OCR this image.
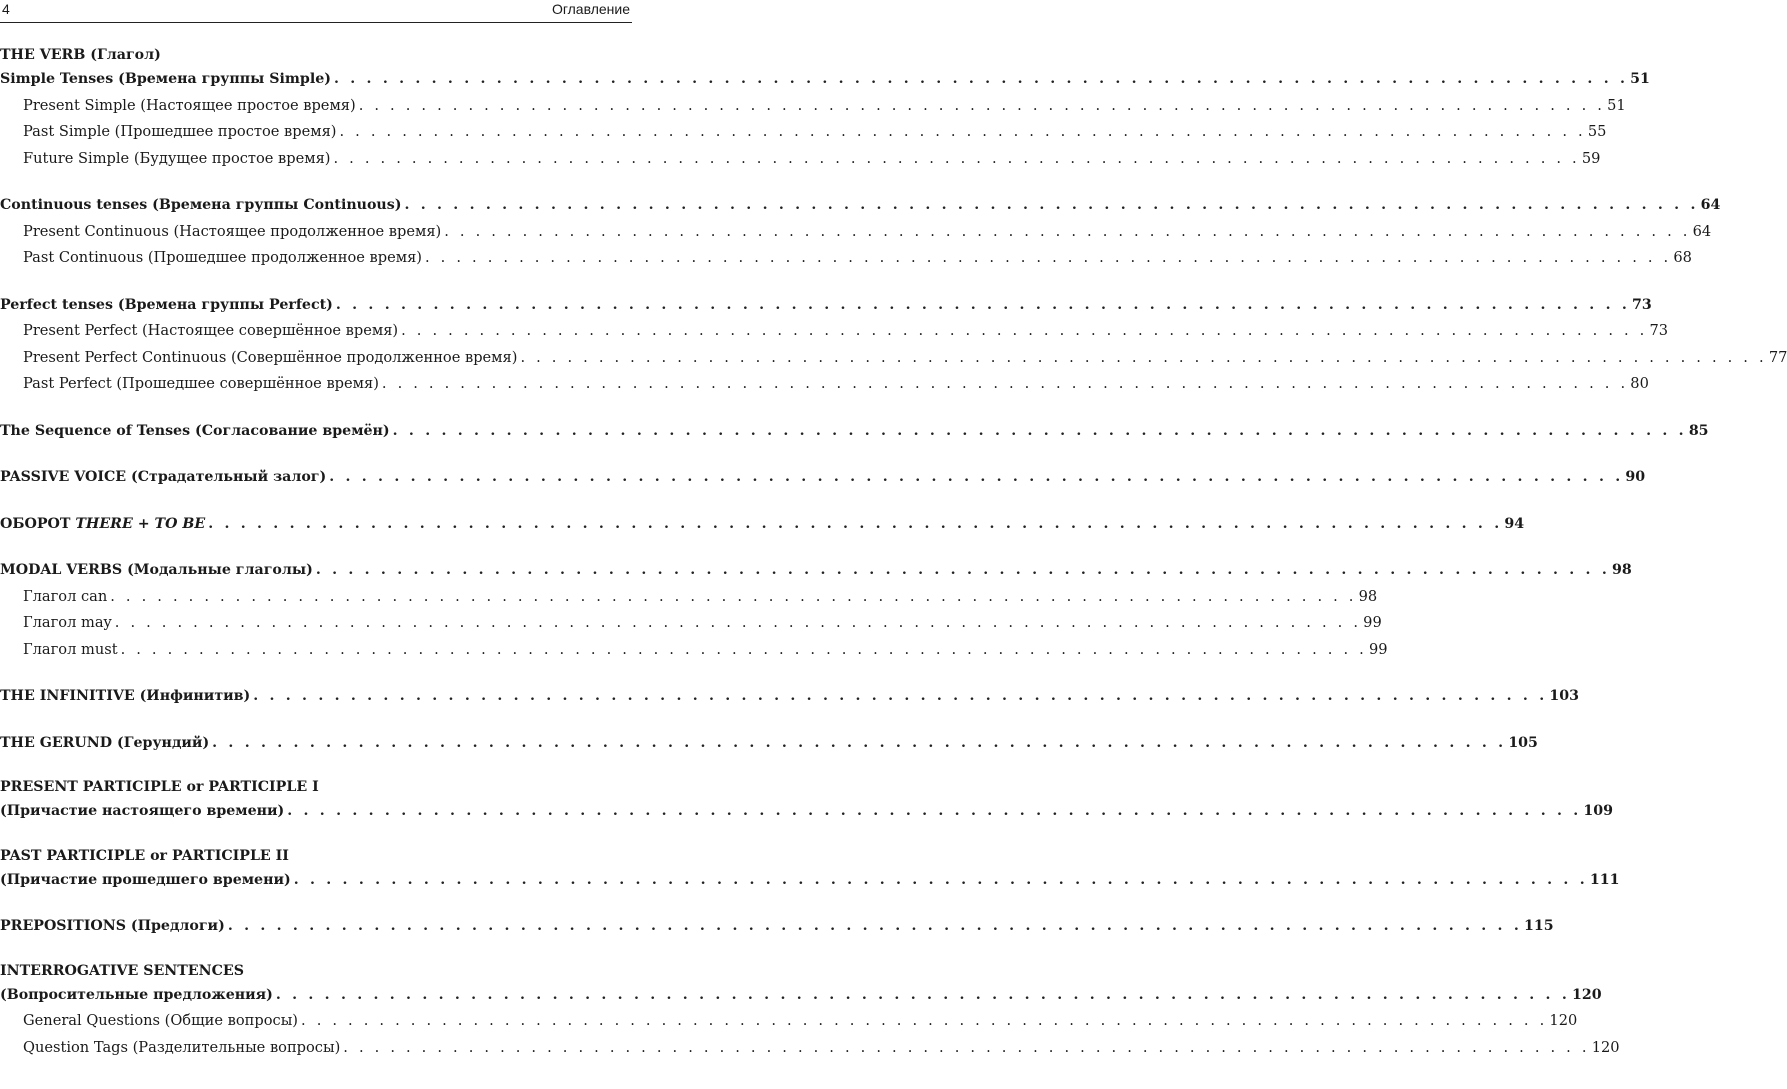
4	Оглавление
THE VERB (Глагол)
Simple Tenses (Времена группы Simple) . . . . . . . . . . . . . . . . . . . . . . . . . . . . . . . . . . . . . . . . . . . . . . . . . . . . . . . . . . . . . . . . . . . . . . . . . . . . . . . . 51
Present Simple (Настоящее простое время) . . . . . . . . . . . . . . . . . . . . . . . . . . . . . . . . . . . . . . . . . . . . . . . . . . . . . . . . . . . . . . . . . . . . . . . . . . . . . . . . 51
Past Simple (Прошедшее простое время) . . . . . . . . . . . . . . . . . . . . . . . . . . . . . . . . . . . . . . . . . . . . . . . . . . . . . . . . . . . . . . . . . . . . . . . . . . . . . . . . 55
Future Simple (Будущее простое время) . . . . . . . . . . . . . . . . . . . . . . . . . . . . . . . . . . . . . . . . . . . . . . . . . . . . . . . . . . . . . . . . . . . . . . . . . . . . . . . . 59
Continuous tenses (Времена группы Continuous) . . . . . . . . . . . . . . . . . . . . . . . . . . . . . . . . . . . . . . . . . . . . . . . . . . . . . . . . . . . . . . . . . . . . . . . . . . . . . . . . 64
Present Continuous (Настоящее продолженное время) . . . . . . . . . . . . . . . . . . . . . . . . . . . . . . . . . . . . . . . . . . . . . . . . . . . . . . . . . . . . . . . . . . . . . . . . . . . . . . . . 64
Past Continuous (Прошедшее продолженное время) . . . . . . . . . . . . . . . . . . . . . . . . . . . . . . . . . . . . . . . . . . . . . . . . . . . . . . . . . . . . . . . . . . . . . . . . . . . . . . . . 68
Perfect tenses (Времена группы Perfect) . . . . . . . . . . . . . . . . . . . . . . . . . . . . . . . . . . . . . . . . . . . . . . . . . . . . . . . . . . . . . . . . . . . . . . . . . . . . . . . . 73
Present Perfect (Настоящее совершённое время) . . . . . . . . . . . . . . . . . . . . . . . . . . . . . . . . . . . . . . . . . . . . . . . . . . . . . . . . . . . . . . . . . . . . . . . . . . . . . . . . 73
Present Perfect Continuous (Совершённое продолженное время) . . . . . . . . . . . . . . . . . . . . . . . . . . . . . . . . . . . . . . . . . . . . . . . . . . . . . . . . . . . . . . . . . . . . . . . . . . . . . . . . 77
Past Perfect (Прошедшее совершённое время) . . . . . . . . . . . . . . . . . . . . . . . . . . . . . . . . . . . . . . . . . . . . . . . . . . . . . . . . . . . . . . . . . . . . . . . . . . . . . . . . 80
The Sequence of Tenses (Согласование времён) . . . . . . . . . . . . . . . . . . . . . . . . . . . . . . . . . . . . . . . . . . . . . . . . . . . . . . . . . . . . . . . . . . . . . . . . . . . . . . . . 85
PASSIVE VOICE (Страдательный залог) . . . . . . . . . . . . . . . . . . . . . . . . . . . . . . . . . . . . . . . . . . . . . . . . . . . . . . . . . . . . . . . . . . . . . . . . . . . . . . . . 90
ОБОРОТ THERE + TO BE . . . . . . . . . . . . . . . . . . . . . . . . . . . . . . . . . . . . . . . . . . . . . . . . . . . . . . . . . . . . . . . . . . . . . . . . . . . . . . . . 94
MODAL VERBS (Модальные глаголы) . . . . . . . . . . . . . . . . . . . . . . . . . . . . . . . . . . . . . . . . . . . . . . . . . . . . . . . . . . . . . . . . . . . . . . . . . . . . . . . . 98
Глагол can . . . . . . . . . . . . . . . . . . . . . . . . . . . . . . . . . . . . . . . . . . . . . . . . . . . . . . . . . . . . . . . . . . . . . . . . . . . . . . . . 98
Глагол may . . . . . . . . . . . . . . . . . . . . . . . . . . . . . . . . . . . . . . . . . . . . . . . . . . . . . . . . . . . . . . . . . . . . . . . . . . . . . . . . 99
Глагол must . . . . . . . . . . . . . . . . . . . . . . . . . . . . . . . . . . . . . . . . . . . . . . . . . . . . . . . . . . . . . . . . . . . . . . . . . . . . . . . . 99
THE INFINITIVE (Инфинитив) . . . . . . . . . . . . . . . . . . . . . . . . . . . . . . . . . . . . . . . . . . . . . . . . . . . . . . . . . . . . . . . . . . . . . . . . . . . . . . . . 103
THE GERUND (Герундий) . . . . . . . . . . . . . . . . . . . . . . . . . . . . . . . . . . . . . . . . . . . . . . . . . . . . . . . . . . . . . . . . . . . . . . . . . . . . . . . . 105
PRESENT PARTICIPLE or PARTICIPLE I
(Причастие настоящего времени) . . . . . . . . . . . . . . . . . . . . . . . . . . . . . . . . . . . . . . . . . . . . . . . . . . . . . . . . . . . . . . . . . . . . . . . . . . . . . . . . 109
PAST PARTICIPLE or PARTICIPLE II
(Причастие прошедшего времени) . . . . . . . . . . . . . . . . . . . . . . . . . . . . . . . . . . . . . . . . . . . . . . . . . . . . . . . . . . . . . . . . . . . . . . . . . . . . . . . . 111
PREPOSITIONS (Предлоги) . . . . . . . . . . . . . . . . . . . . . . . . . . . . . . . . . . . . . . . . . . . . . . . . . . . . . . . . . . . . . . . . . . . . . . . . . . . . . . . . 115
INTERROGATIVE SENTENCES
(Вопросительные предложения) . . . . . . . . . . . . . . . . . . . . . . . . . . . . . . . . . . . . . . . . . . . . . . . . . . . . . . . . . . . . . . . . . . . . . . . . . . . . . . . . 120
General Questions (Общие вопросы) . . . . . . . . . . . . . . . . . . . . . . . . . . . . . . . . . . . . . . . . . . . . . . . . . . . . . . . . . . . . . . . . . . . . . . . . . . . . . . . . 120
Question Tags (Разделительные вопросы) . . . . . . . . . . . . . . . . . . . . . . . . . . . . . . . . . . . . . . . . . . . . . . . . . . . . . . . . . . . . . . . . . . . . . . . . . . . . . . . . 120
